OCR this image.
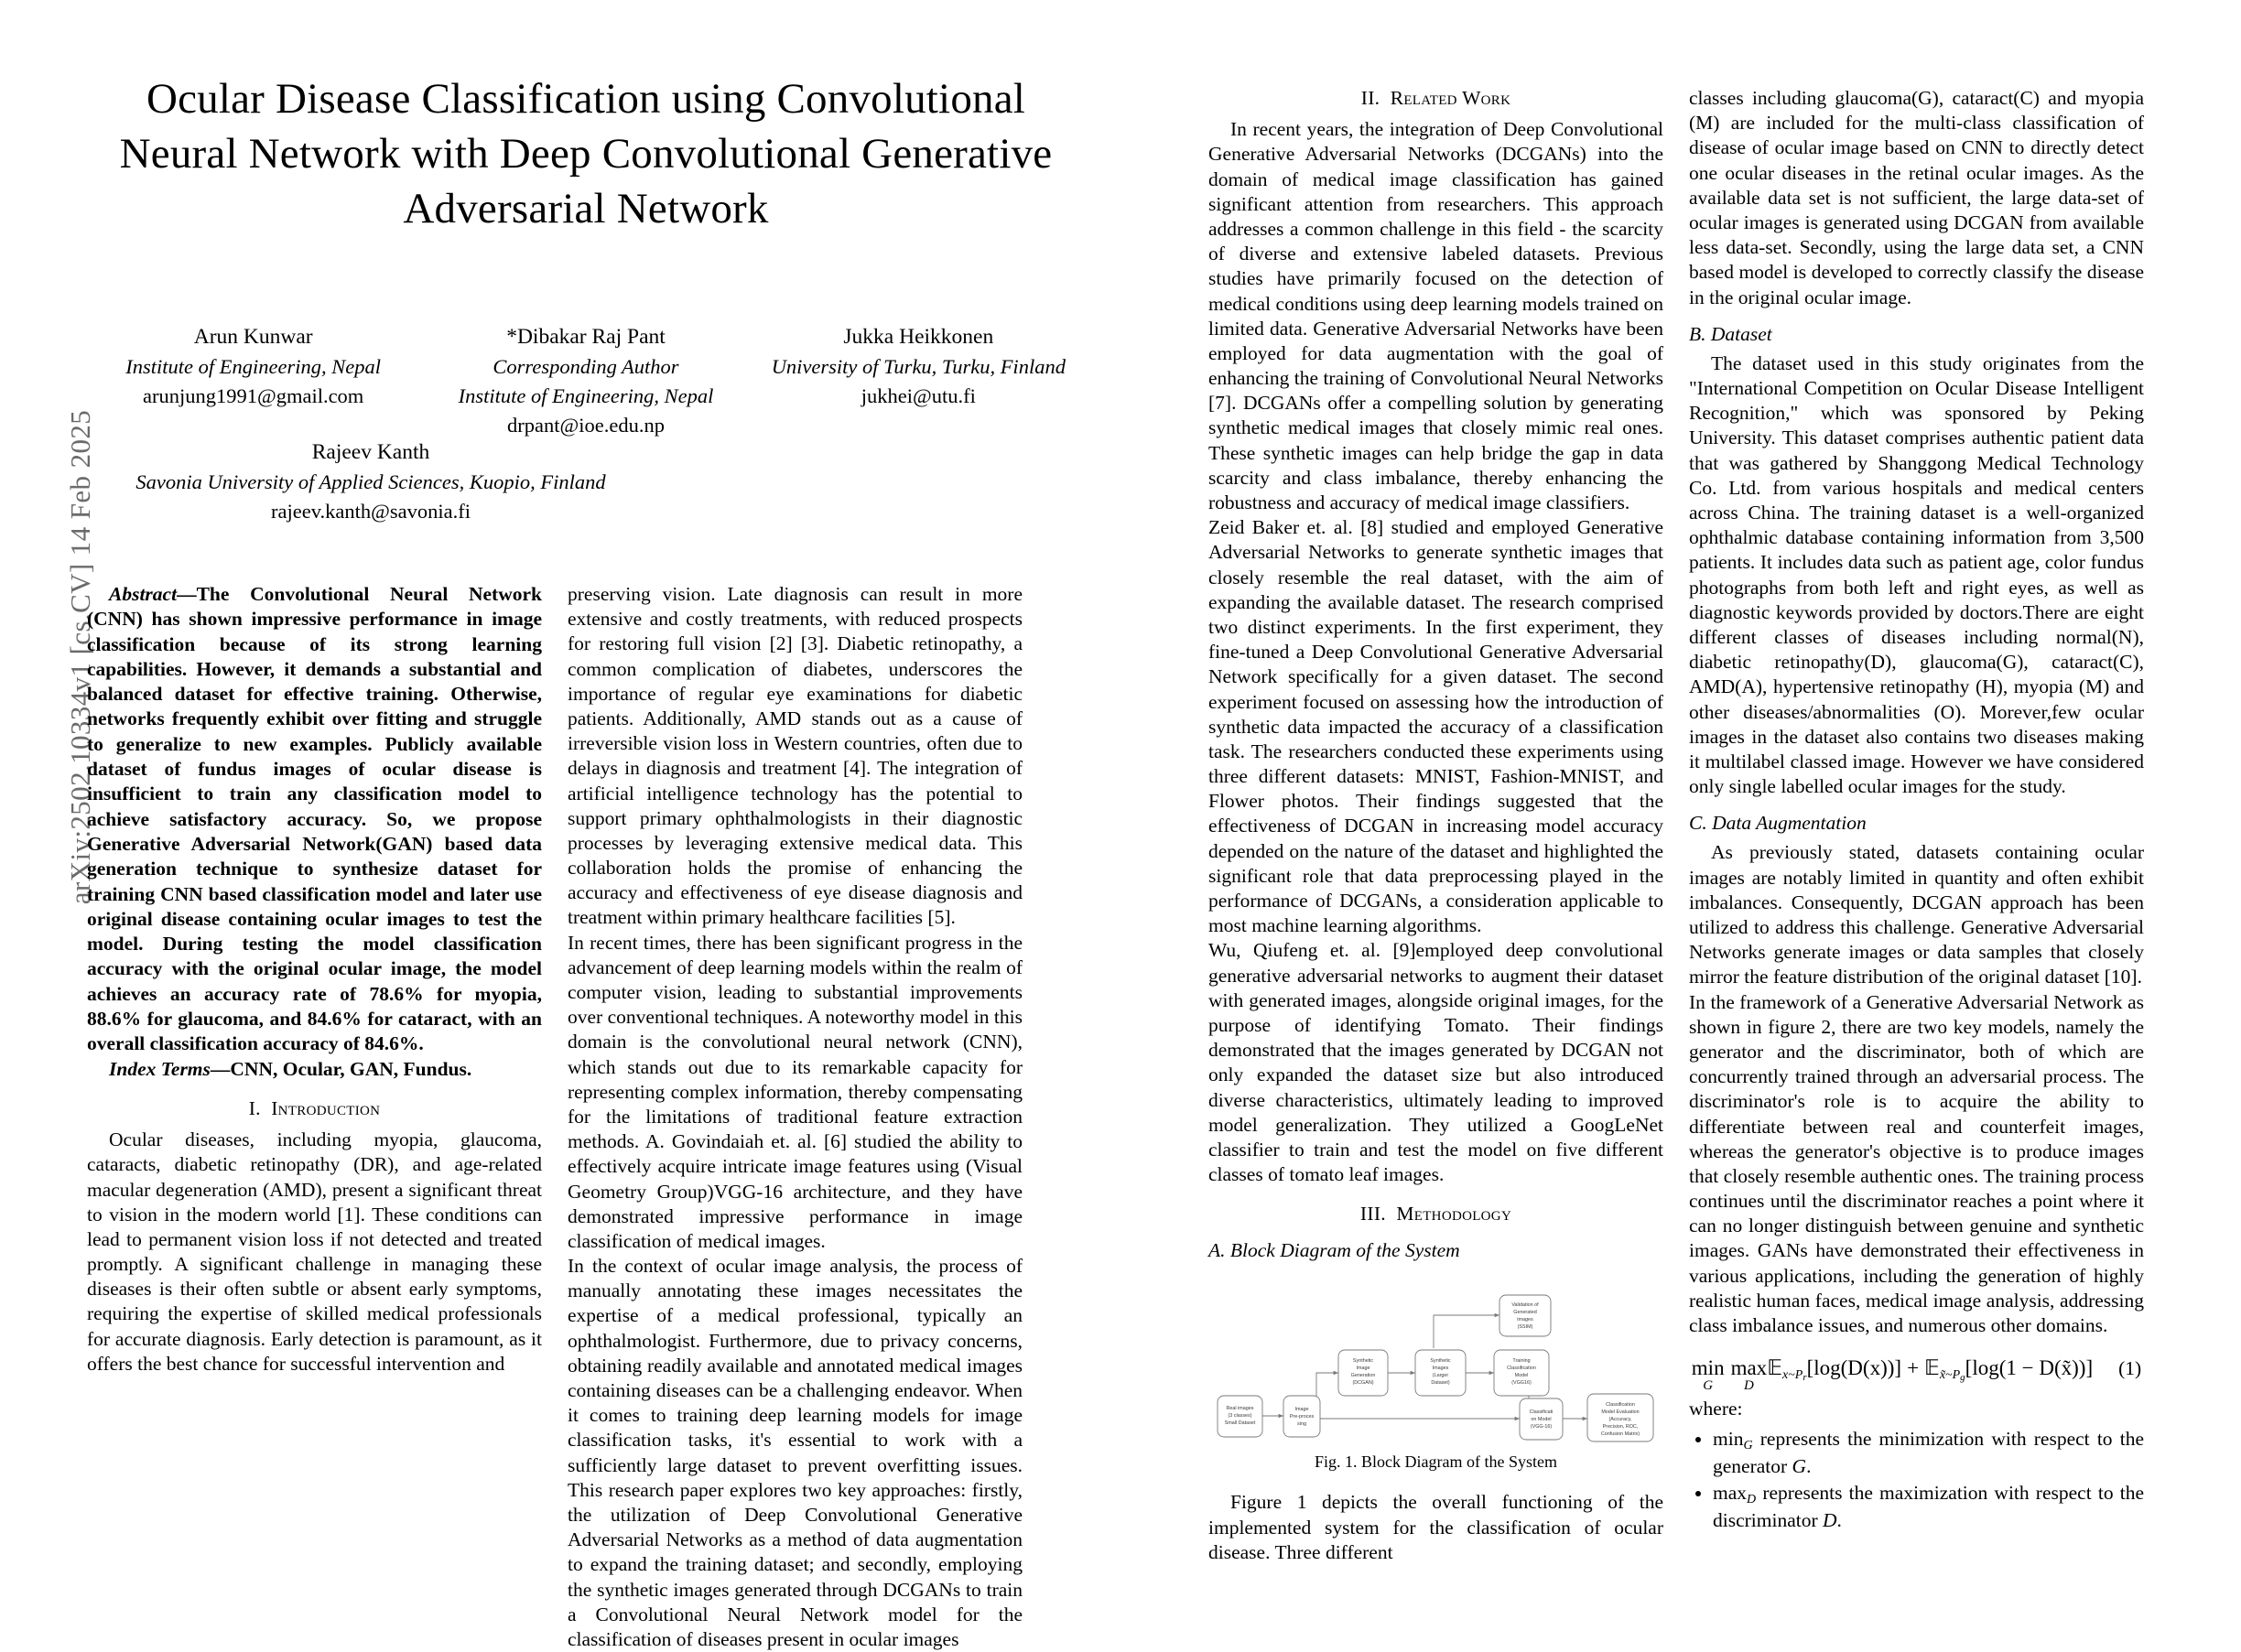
arXiv:2502.10334v1 [cs.CV] 14 Feb 2025
Ocular Disease Classification using Convolutional Neural Network with Deep Convolutional Generative Adversarial Network
Arun Kunwar
Institute of Engineering, Nepal
arunjung1991@gmail.com
*Dibakar Raj Pant
Corresponding Author
Institute of Engineering, Nepal
drpant@ioe.edu.np
Jukka Heikkonen
University of Turku, Turku, Finland
jukhei@utu.fi
Rajeev Kanth
Savonia University of Applied Sciences, Kuopio, Finland
rajeev.kanth@savonia.fi

Abstract—The Convolutional Neural Network (CNN) has shown impressive performance in image classification because of its strong learning capabilities. However, it demands a substantial and balanced dataset for effective training. Otherwise, networks frequently exhibit over fitting and struggle to generalize to new examples. Publicly available dataset of fundus images of ocular disease is insufficient to train any classification model to achieve satisfactory accuracy. So, we propose Generative Adversarial Network(GAN) based data generation technique to synthesize dataset for training CNN based classification model and later use original disease containing ocular images to test the model. During testing the model classification accuracy with the original ocular image, the model achieves an accuracy rate of 78.6% for myopia, 88.6% for glaucoma, and 84.6% for cataract, with an overall classification accuracy of 84.6%.

Index Terms—CNN, Ocular, GAN, Fundus.

I. Introduction

Ocular diseases, including myopia, glaucoma, cataracts, diabetic retinopathy (DR), and age-related macular degeneration (AMD), present a significant threat to vision in the modern world [1]. These conditions can lead to permanent vision loss if not detected and treated promptly. A significant challenge in managing these diseases is their often subtle or absent early symptoms, requiring the expertise of skilled medical professionals for accurate diagnosis. Early detection is paramount, as it offers the best chance for successful intervention and

preserving vision. Late diagnosis can result in more extensive and costly treatments, with reduced prospects for restoring full vision [2] [3]. Diabetic retinopathy, a common complication of diabetes, underscores the importance of regular eye examinations for diabetic patients. Additionally, AMD stands out as a cause of irreversible vision loss in Western countries, often due to delays in diagnosis and treatment [4]. The integration of artificial intelligence technology has the potential to support primary ophthalmologists in their diagnostic processes by leveraging extensive medical data. This collaboration holds the promise of enhancing the accuracy and effectiveness of eye disease diagnosis and treatment within primary healthcare facilities [5].

In recent times, there has been significant progress in the advancement of deep learning models within the realm of computer vision, leading to substantial improvements over conventional techniques. A noteworthy model in this domain is the convolutional neural network (CNN), which stands out due to its remarkable capacity for representing complex information, thereby compensating for the limitations of traditional feature extraction methods. A. Govindaiah et. al. [6] studied the ability to effectively acquire intricate image features using (Visual Geometry Group)VGG-16 architecture, and they have demonstrated impressive performance in image classification of medical images.

In the context of ocular image analysis, the process of manually annotating these images necessitates the expertise of a medical professional, typically an ophthalmologist. Furthermore, due to privacy concerns, obtaining readily available and annotated medical images containing diseases can be a challenging endeavor. When it comes to training deep learning models for image classification tasks, it's essential to work with a sufficiently large dataset to prevent overfitting issues. This research paper explores two key approaches: firstly, the utilization of Deep Convolutional Generative Adversarial Networks as a method of data augmentation to expand the training dataset; and secondly, employing the synthetic images generated through DCGANs to train a Convolutional Neural Network model for the classification of diseases present in ocular images

II. Related Work

In recent years, the integration of Deep Convolutional Generative Adversarial Networks (DCGANs) into the domain of medical image classification has gained significant attention from researchers. This approach addresses a common challenge in this field - the scarcity of diverse and extensive labeled datasets. Previous studies have primarily focused on the detection of medical conditions using deep learning models trained on limited data. Generative Adversarial Networks have been employed for data augmentation with the goal of enhancing the training of Convolutional Neural Networks [7]. DCGANs offer a compelling solution by generating synthetic medical images that closely mimic real ones. These synthetic images can help bridge the gap in data scarcity and class imbalance, thereby enhancing the robustness and accuracy of medical image classifiers.

Zeid Baker et. al. [8] studied and employed Generative Adversarial Networks to generate synthetic images that closely resemble the real dataset, with the aim of expanding the available dataset. The research comprised two distinct experiments. In the first experiment, they fine-tuned a Deep Convolutional Generative Adversarial Network specifically for a given dataset. The second experiment focused on assessing how the introduction of synthetic data impacted the accuracy of a classification task. The researchers conducted these experiments using three different datasets: MNIST, Fashion-MNIST, and Flower photos. Their findings suggested that the effectiveness of DCGAN in increasing model accuracy depended on the nature of the dataset and highlighted the significant role that data preprocessing played in the performance of DCGANs, a consideration applicable to most machine learning algorithms.

Wu, Qiufeng et. al. [9]employed deep convolutional generative adversarial networks to augment their dataset with generated images, alongside original images, for the purpose of identifying Tomato. Their findings demonstrated that the images generated by DCGAN not only expanded the dataset size but also introduced diverse characteristics, ultimately leading to improved model generalization. They utilized a GoogLeNet classifier to train and test the model on five different classes of tomato leaf images.

III. Methodology
A. Block Diagram of the System
Real images
(3 classes)
Small Dataset
Image
Pre-proces
sing
Synthetic
Image
Generation
(DCGAN)
Synthetic
Images
(Larger
Dataset)
Validation of
Generated
images
(SSIM)
Training
Classification
Model
(VGG16)
Classificati
on Model
(VGG-16)
Classification
Model Evaluation
(Accuracy,
Precision, ROC,
Confusion Matrix)
Fig. 1. Block Diagram of the System

Figure 1 depicts the overall functioning of the implemented system for the classification of ocular disease. Three different

classes including glaucoma(G), cataract(C) and myopia (M) are included for the multi-class classification of disease of ocular image based on CNN to directly detect one ocular diseases in the retinal ocular images. As the available data set is not sufficient, the large data-set of ocular images is generated using DCGAN from available less data-set. Secondly, using the large data set, a CNN based model is developed to correctly classify the disease in the original ocular image.

B. Dataset

The dataset used in this study originates from the "International Competition on Ocular Disease Intelligent Recognition," which was sponsored by Peking University. This dataset comprises authentic patient data that was gathered by Shanggong Medical Technology Co. Ltd. from various hospitals and medical centers across China. The training dataset is a well-organized ophthalmic database containing information from 3,500 patients. It includes data such as patient age, color fundus photographs from both left and right eyes, as well as diagnostic keywords provided by doctors.There are eight different classes of diseases including normal(N), diabetic retinopathy(D), glaucoma(G), cataract(C), AMD(A), hypertensive retinopathy (H), myopia (M) and other diseases/abnormalities (O). Morever,few ocular images in the dataset also contains two diseases making it multilabel classed image. However we have considered only single labelled ocular images for the study.

C. Data Augmentation

As previously stated, datasets containing ocular images are notably limited in quantity and often exhibit imbalances. Consequently, DCGAN approach has been utilized to address this challenge. Generative Adversarial Networks generate images or data samples that closely mirror the feature distribution of the original dataset [10].

In the framework of a Generative Adversarial Network as shown in figure 2, there are two key models, namely the generator and the discriminator, both of which are concurrently trained through an adversarial process. The discriminator's role is to acquire the ability to differentiate between real and counterfeit images, whereas the generator's objective is to produce images that closely resemble authentic ones. The training process continues until the discriminator reaches a point where it can no longer distinguish between genuine and synthetic images. GANs have demonstrated their effectiveness in various applications, including the generation of highly realistic human faces, medical image analysis, addressing class imbalance issues, and numerous other domains.

min
G
max
D
$𝔼x\sim P_r[\log(D(x))]$ + $𝔼x̃\sim P_g[\log(1$ − D(x̃))] (1)

where:

• minG represents the minimization with respect to the generator G.
• maxD represents the maximization with respect to the discriminator D.
